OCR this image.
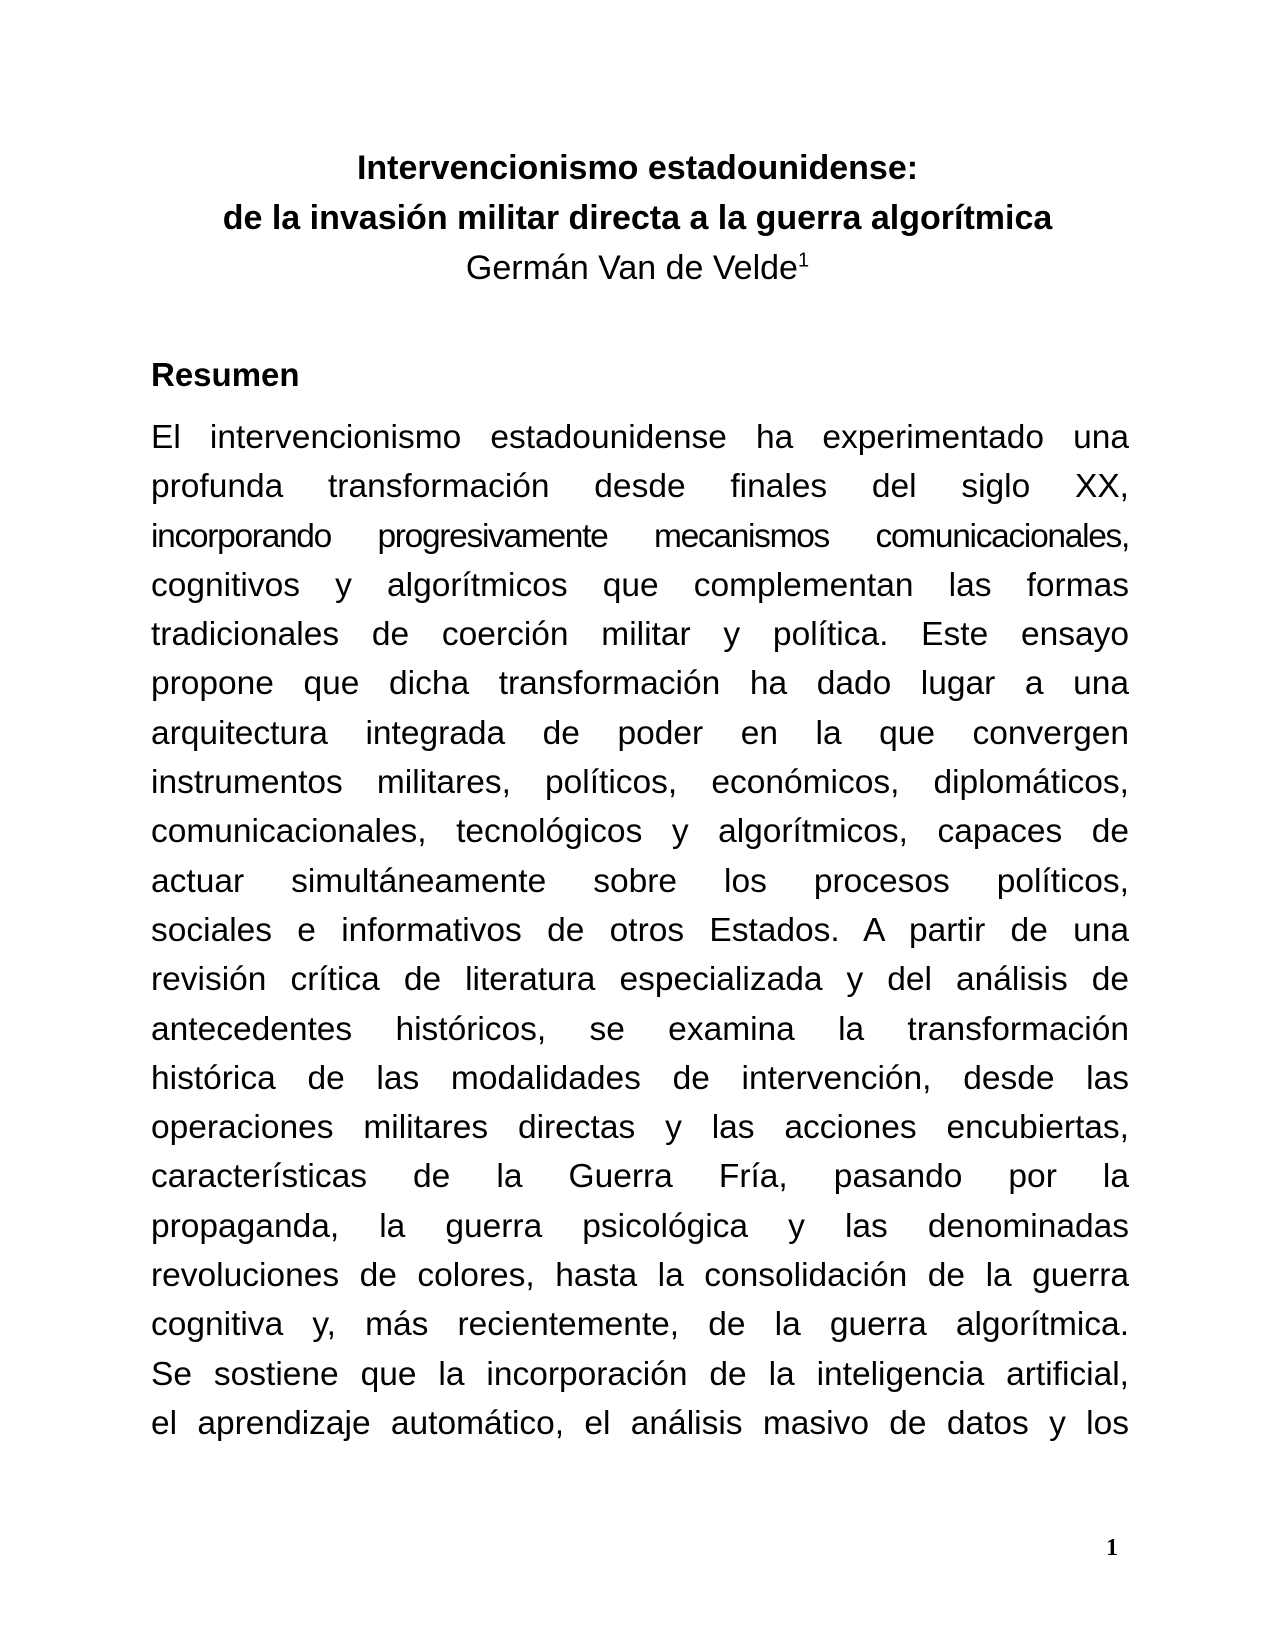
Intervencionismo estadounidense:

de la invasión militar directa a la guerra algorítmica

Germán Van de Velde$^1$

Resumen
El intervencionismo estadounidense ha experimentado una
profunda transformación desde finales del siglo XX,
incorporando progresivamente mecanismos comunicacionales,
cognitivos y algorítmicos que complementan las formas
tradicionales de coerción militar y política. Este ensayo
propone que dicha transformación ha dado lugar a una
arquitectura integrada de poder en la que convergen
instrumentos militares, políticos, económicos, diplomáticos,
comunicacionales, tecnológicos y algorítmicos, capaces de
actuar simultáneamente sobre los procesos políticos,
sociales e informativos de otros Estados. A partir de una
revisión crítica de literatura especializada y del análisis de
antecedentes históricos, se examina la transformación
histórica de las modalidades de intervención, desde las
operaciones militares directas y las acciones encubiertas,
características de la Guerra Fría, pasando por la
propaganda, la guerra psicológica y las denominadas
revoluciones de colores, hasta la consolidación de la guerra
cognitiva y, más recientemente, de la guerra algorítmica.
Se sostiene que la incorporación de la inteligencia artificial,
el aprendizaje automático, el análisis masivo de datos y los
1
